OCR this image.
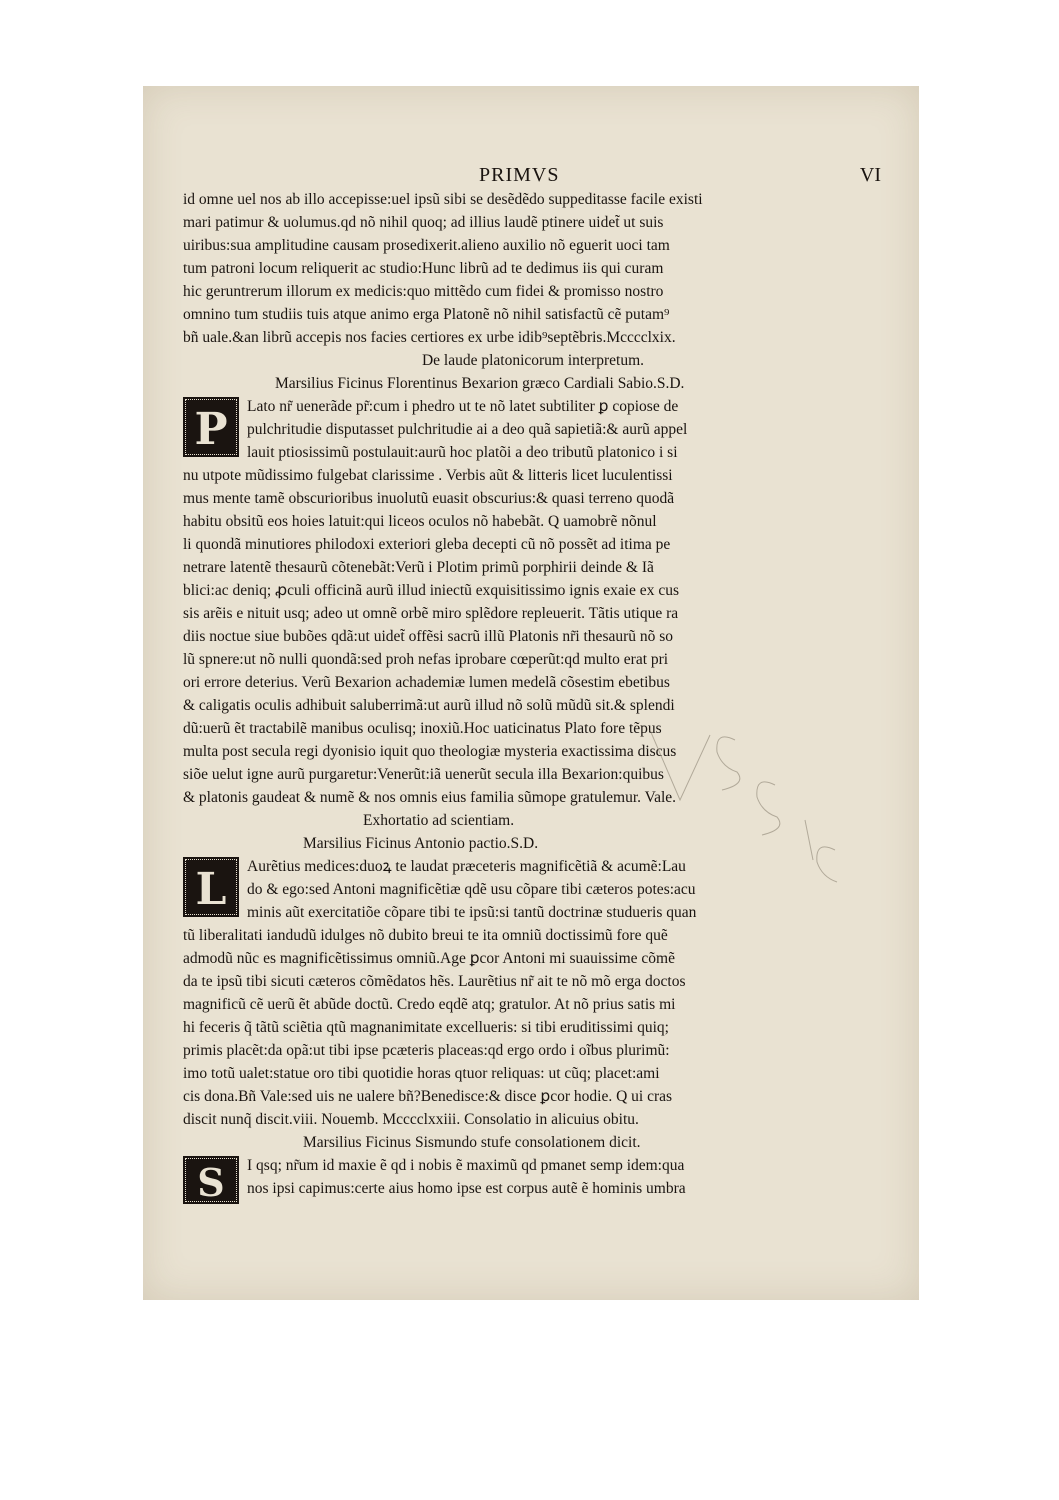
PRIMVS	VI
id omne uel nos ab illo accepisse:uel ipsũ sibi se desẽdẽdo suppeditasse facile existi
mari patimur & uolumus.qd nõ nihil quoq; ad illius laudẽ ptinere uidet̃ ut suis
uiribus:sua amplitudine causam prosedixerit.alieno auxilio nõ eguerit uoci tam
tum patroni locum reliquerit ac studio:Hunc librũ ad te dedimus iis qui curam
hic geruntrerum illorum ex medicis:quo mittẽdo cum fidei & promisso nostro
omnino tum studiis tuis atque animo erga Platonẽ nõ nihil satisfactũ cẽ putam⁹
bñ uale.&an librũ accepis nos facies certiores ex urbe idib⁹septẽbris.Mcccclxix.
De laude platonicorum interpretum.
Marsilius Ficinus Florentinus Bexarion græco Cardiali Sabio.S.D.
P	Lato nr̃ uenerãde pr̃:cum i phedro ut te nõ latet subtiliter ꝑ copiose de
pulchritudie disputasset pulchritudie ai a deo quã sapietiã:& aurũ appel
lauit ptiosissimũ postulauit:aurũ hoc platõi a deo tributũ platonico i si
nu utpote mũdissimo fulgebat clarissime . Verbis aũt & litteris licet luculentissi
mus mente tamẽ obscurioribus inuolutũ euasit obscurius:& quasi terreno quodã
habitu obsitũ eos hoies latuit:qui liceos oculos nõ habebãt. Q uamobrẽ nõnul
li quondã minutiores philodoxi exteriori gleba decepti cũ nõ possẽt ad itima pe
netrare latentẽ thesaurũ cõtenebãt:Verũ i Plotim primũ porphirii deinde & Iã
blici:ac deniq; ꝓculi officinã aurũ illud iniectũ exquisitissimo ignis exaie ex cus
sis arẽis e nituit usq; adeo ut omnẽ orbẽ miro splẽdore repleuerit. Tãtis utique ra
diis noctue siue bubões qdã:ut uidet̃ offẽsi sacrũ illũ Platonis nr̃i thesaurũ nõ so
lũ spnere:ut nõ nulli quondã:sed proh nefas iprobare cœperũt:qd multo erat pri
ori errore deterius. Verũ Bexarion achademiæ lumen medelã cõsestim ebetibus
& caligatis oculis adhibuit saluberrimã:ut aurũ illud nõ solũ mũdũ sit.& splendi
dũ:uerũ ẽt tractabilẽ manibus oculisq; inoxiũ.Hoc uaticinatus Plato fore tẽpus
multa post secula regi dyonisio iquit quo theologiæ mysteria exactissima discus
siõe uelut igne aurũ purgaretur:Venerũt:iã uenerũt secula illa Bexarion:quibus
& platonis gaudeat & numẽ & nos omnis eius familia sũmope gratulemur. Vale.
Exhortatio ad scientiam.
Marsilius Ficinus Antonio pactio.S.D.
L	Aurẽtius medices:duoꝝ te laudat præceteris magnificẽtiã & acumẽ:Lau
do & ego:sed Antoni magnificẽtiæ qdẽ usu cõpare tibi cæteros potes:acu
minis aũt exercitatiõe cõpare tibi te ipsũ:si tantũ doctrinæ studueris quan
tũ liberalitati iandudũ idulges nõ dubito breui te ita omniũ doctissimũ fore quẽ
admodũ nũc es magnificẽtissimus omniũ.Age ꝑcor Antoni mi suauissime cõmẽ
da te ipsũ tibi sicuti cæteros cõmẽdatos hẽs. Laurẽtius nr̃ ait te nõ mõ erga doctos
magnificũ cẽ uerũ ẽt abũde doctũ. Credo eqdẽ atq; gratulor. At nõ prius satis mi
hi feceris q̃ tãtũ sciẽtia qtũ magnanimitate excellueris: si tibi eruditissimi quiq;
primis placẽt:da opã:ut tibi ipse pcæteris placeas:qd ergo ordo i oĩbus plurimũ:
imo totũ ualet:statue oro tibi quotidie horas qtuor reliquas: ut cũq; placet:ami
cis dona.Bñ Vale:sed uis ne ualere bñ?Benedisce:& disce ꝑcor hodie. Q ui cras
discit nunq̃ discit.viii. Nouemb. Mcccclxxiii. Consolatio in alicuius obitu.
Marsilius Ficinus Sismundo stufe consolationem dicit.
S	I qsq; nr̃um id maxie ẽ qd i nobis ẽ maximũ qd pmanet semp idem:qua
nos ipsi capimus:certe aius homo ipse est corpus autẽ ẽ hominis umbra
